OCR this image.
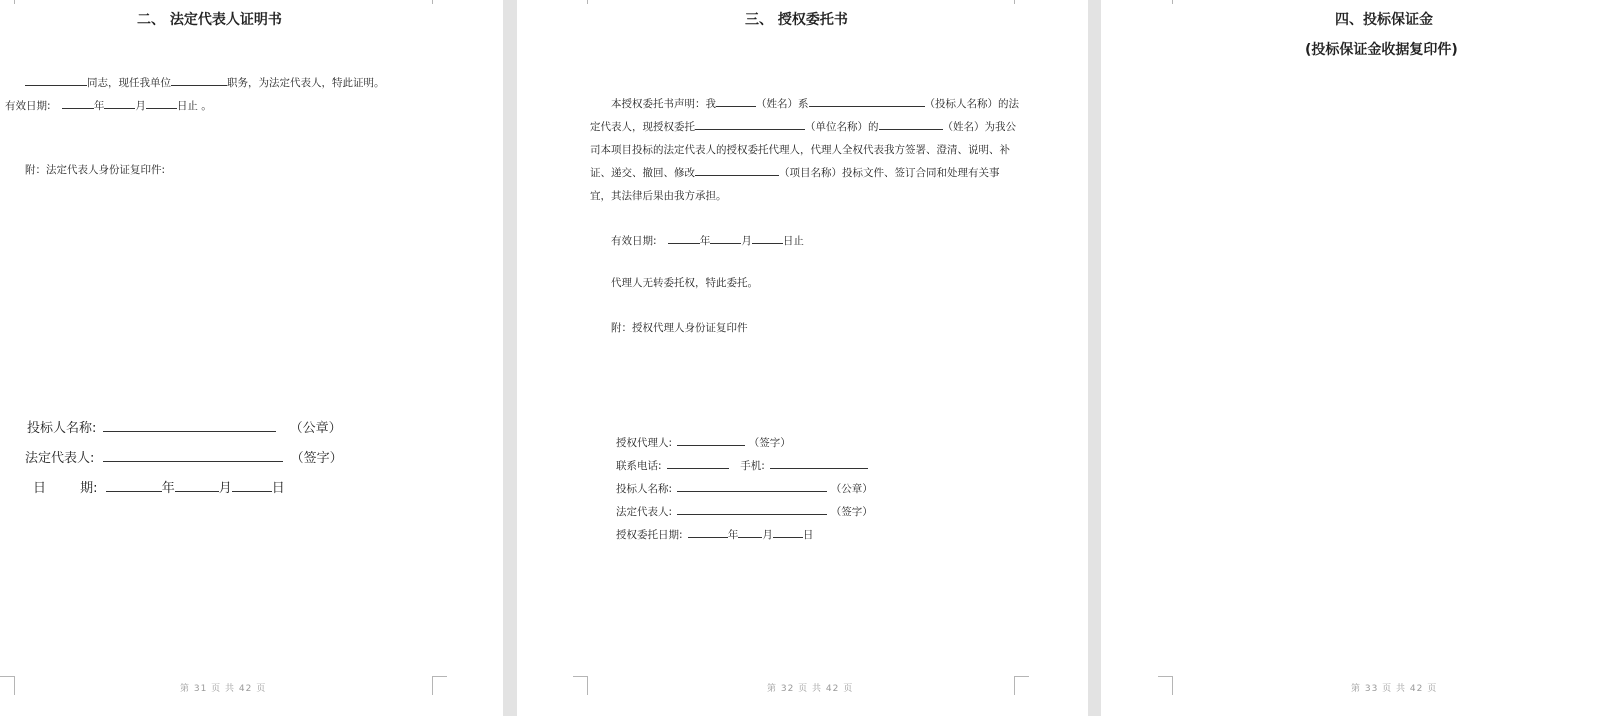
二、 法定代表人证明书
同志，现任我单位	职务，为法定代表人，特此证明。
有效日期:	年	月	日止 。
附：法定代表人身份证复印件:
投标人名称:	（公章）
法定代表人:	（签字）
日	期:	年	月	日
第 31 页 共 42 页
三、 授权委托书
本授权委托书声明：我	（姓名）系	（投标人名称）的法定代表人，现授权委托	（单位名称）的	（姓名）为我公司本项目投标的法定代表人的授权委托代理人，代理人全权代表我方签署、澄清、说明、补证、递交、撤回、修改	（项目名称）投标文件、签订合同和处理有关事宜，其法律后果由我方承担。
有效日期:	年	月	日止
代理人无转委托权，特此委托。
附：授权代理人身份证复印件
授权代理人:	（签字）
联系电话:	手机:
投标人名称:	（公章）
法定代表人:	（签字）
授权委托日期:	年 月	日
第 32 页 共 42 页
四、投标保证金
(投标保证金收据复印件)
第 33 页 共 42 页
